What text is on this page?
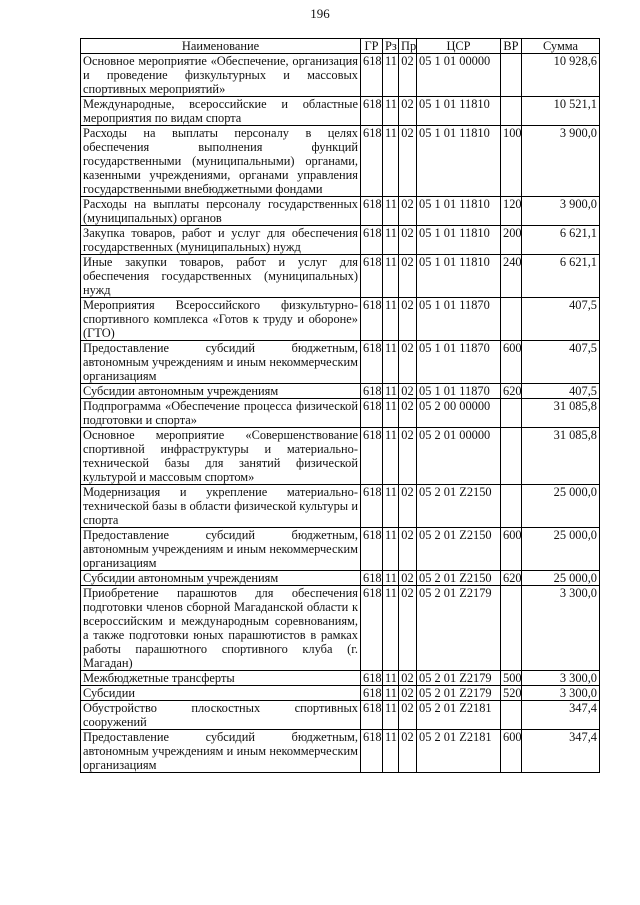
196
Наименование	ГР	Рз	Пр	ЦСР	ВР	Сумма
Основное мероприятие «Обеспечение, организация и проведение физкультурных и массовых спортивных мероприятий»	618	11	02	05 1 01 00000		10 928,6
Международные, всероссийские и областные мероприятия по видам спорта	618	11	02	05 1 01 11810		10 521,1
Расходы на выплаты персоналу в целях обеспечения выполнения функций государственными (муниципальными) органами, казенными учреждениями, органами управления государственными внебюджетными фондами	618	11	02	05 1 01 11810	100	3 900,0
Расходы на выплаты персоналу государственных (муниципальных) органов	618	11	02	05 1 01 11810	120	3 900,0
Закупка товаров, работ и услуг для обеспечения государственных (муниципальных) нужд	618	11	02	05 1 01 11810	200	6 621,1
Иные закупки товаров, работ и услуг для обеспечения государственных (муниципальных) нужд	618	11	02	05 1 01 11810	240	6 621,1
Мероприятия Всероссийского физкультурно-спортивного комплекса «Готов к труду и обороне» (ГТО)	618	11	02	05 1 01 11870		407,5
Предоставление субсидий бюджетным, автономным учреждениям и иным некоммерческим организациям	618	11	02	05 1 01 11870	600	407,5
Субсидии автономным учреждениям	618	11	02	05 1 01 11870	620	407,5
Подпрограмма «Обеспечение процесса физической подготовки и спорта»	618	11	02	05 2 00 00000		31 085,8
Основное мероприятие «Совершенствование спортивной инфраструктуры и материально-технической базы для занятий физической культурой и массовым спортом»	618	11	02	05 2 01 00000		31 085,8
Модернизация и укрепление материально-технической базы в области физической культуры и спорта	618	11	02	05 2 01 Z2150		25 000,0
Предоставление субсидий бюджетным, автономным учреждениям и иным некоммерческим организациям	618	11	02	05 2 01 Z2150	600	25 000,0
Субсидии автономным учреждениям	618	11	02	05 2 01 Z2150	620	25 000,0
Приобретение парашютов для обеспечения подготовки членов сборной Магаданской области к всероссийским и международным соревнованиям, а также подготовки юных парашютистов в рамках работы парашютного спортивного клуба (г. Магадан)	618	11	02	05 2 01 Z2179		3 300,0
Межбюджетные трансферты	618	11	02	05 2 01 Z2179	500	3 300,0
Субсидии	618	11	02	05 2 01 Z2179	520	3 300,0
Обустройство плоскостных спортивных сооружений	618	11	02	05 2 01 Z2181		347,4
Предоставление субсидий бюджетным, автономным учреждениям и иным некоммерческим организациям	618	11	02	05 2 01 Z2181	600	347,4
